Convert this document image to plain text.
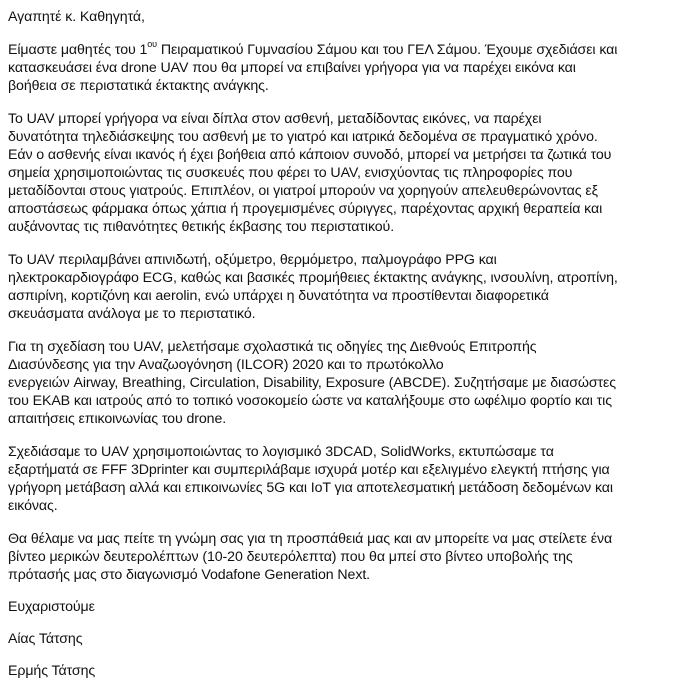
Αγαπητέ κ. Καθηγητά,
Είμαστε μαθητές του $1^{o\upsilon}$ Πειραματικού Γυμνασίου Σάμου και του ΓΕΛ Σάμου. Έχουμε σχεδιάσει και
κατασκευάσει ένα drone UAV που θα μπορεί να επιβαίνει γρήγορα για να παρέχει εικόνα και
βοήθεια σε περιστατικά έκτακτης ανάγκης.
Το UAV μπορεί γρήγορα να είναι δίπλα στον ασθενή, μεταδίδοντας εικόνες, να παρέχει
δυνατότητα τηλεδιάσκεψης του ασθενή με το γιατρό και ιατρικά δεδομένα σε πραγματικό χρόνο.
Εάν ο ασθενής είναι ικανός ή έχει βοήθεια από κάποιον συνοδό, μπορεί να μετρήσει τα ζωτικά του
σημεία χρησιμοποιώντας τις συσκευές που φέρει το UAV, ενισχύοντας τις πληροφορίες που
μεταδίδονται στους γιατρούς. Επιπλέον, οι γιατροί μπορούν να χορηγούν απελευθερώνοντας εξ
αποστάσεως φάρμακα όπως χάπια ή προγεμισμένες σύριγγες, παρέχοντας αρχική θεραπεία και
αυξάνοντας τις πιθανότητες θετικής έκβασης του περιστατικού.
Το UAV περιλαμβάνει απινιδωτή, οξύμετρο, θερμόμετρο, παλμογράφο PPG και
ηλεκτροκαρδιογράφο ECG, καθώς και βασικές προμήθειες έκτακτης ανάγκης, ινσουλίνη, ατροπίνη,
ασπιρίνη, κορτιζόνη και aerolin, ενώ υπάρχει η δυνατότητα να προστίθενται διαφορετικά
σκευάσματα ανάλογα με το περιστατικό.
Για τη σχεδίαση του UAV, μελετήσαμε σχολαστικά τις οδηγίες της Διεθνούς Επιτροπής
Διασύνδεσης για την Αναζωογόνηση (ILCOR) 2020 και το πρωτόκολλο
ενεργειών Airway, Breathing, Circulation, Disability, Exposure (ABCDE). Συζητήσαμε με διασώστες
του ΕΚΑΒ και ιατρούς από το τοπικό νοσοκομείο ώστε να καταλήξουμε στο ωφέλιμο φορτίο και τις
απαιτήσεις επικοινωνίας του drone.
Σχεδιάσαμε το UAV χρησιμοποιώντας το λογισμικό 3DCAD, SolidWorks, εκτυπώσαμε τα
εξαρτήματά σε FFF 3Dprinter και συμπεριλάβαμε ισχυρά μοτέρ και εξελιγμένο ελεγκτή πτήσης για
γρήγορη μετάβαση αλλά και επικοινωνίες 5G και IoT για αποτελεσματική μετάδοση δεδομένων και
εικόνας.
Θα θέλαμε να μας πείτε τη γνώμη σας για τη προσπάθειά μας και αν μπορείτε να μας στείλετε ένα
βίντεο μερικών δευτερολέπτων (10-20 δευτερόλεπτα) που θα μπεί στο βίντεο υποβολής της
πρότασής μας στο διαγωνισμό Vodafone Generation Next.
Ευχαριστούμε
Αίας Τάτσης
Ερμής Τάτσης
